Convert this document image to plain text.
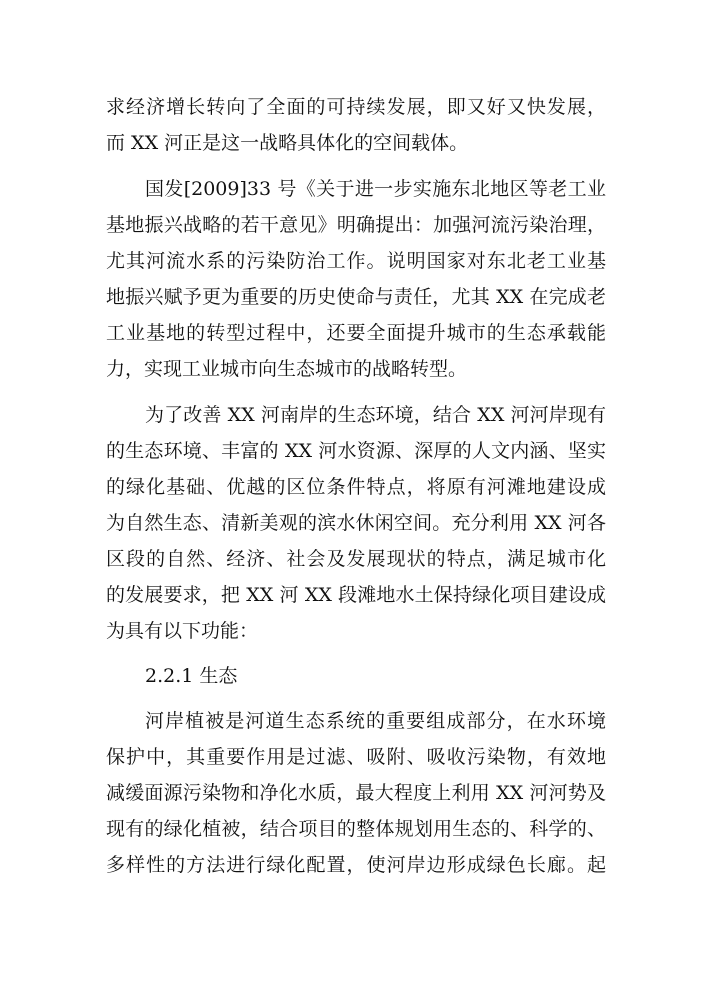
求经济增长转向了全面的可持续发展，即又好又快发展，
而 XX 河正是这一战略具体化的空间载体。
国发[2009]33 号《关于进一步实施东北地区等老工业
基地振兴战略的若干意见》明确提出：加强河流污染治理，
尤其河流水系的污染防治工作。说明国家对东北老工业基
地振兴赋予更为重要的历史使命与责任，尤其 XX 在完成老
工业基地的转型过程中，还要全面提升城市的生态承载能
力，实现工业城市向生态城市的战略转型。
为了改善 XX 河南岸的生态环境，结合 XX 河河岸现有
的生态环境、丰富的 XX 河水资源、深厚的人文内涵、坚实
的绿化基础、优越的区位条件特点，将原有河滩地建设成
为自然生态、清新美观的滨水休闲空间。充分利用 XX 河各
区段的自然、经济、社会及发展现状的特点，满足城市化
的发展要求，把 XX 河 XX 段滩地水土保持绿化项目建设成
为具有以下功能：
2.2.1 生态
河岸植被是河道生态系统的重要组成部分，在水环境
保护中，其重要作用是过滤、吸附、吸收污染物，有效地
减缓面源污染物和净化水质，最大程度上利用 XX 河河势及
现有的绿化植被，结合项目的整体规划用生态的、科学的、
多样性的方法进行绿化配置，使河岸边形成绿色长廊。起
